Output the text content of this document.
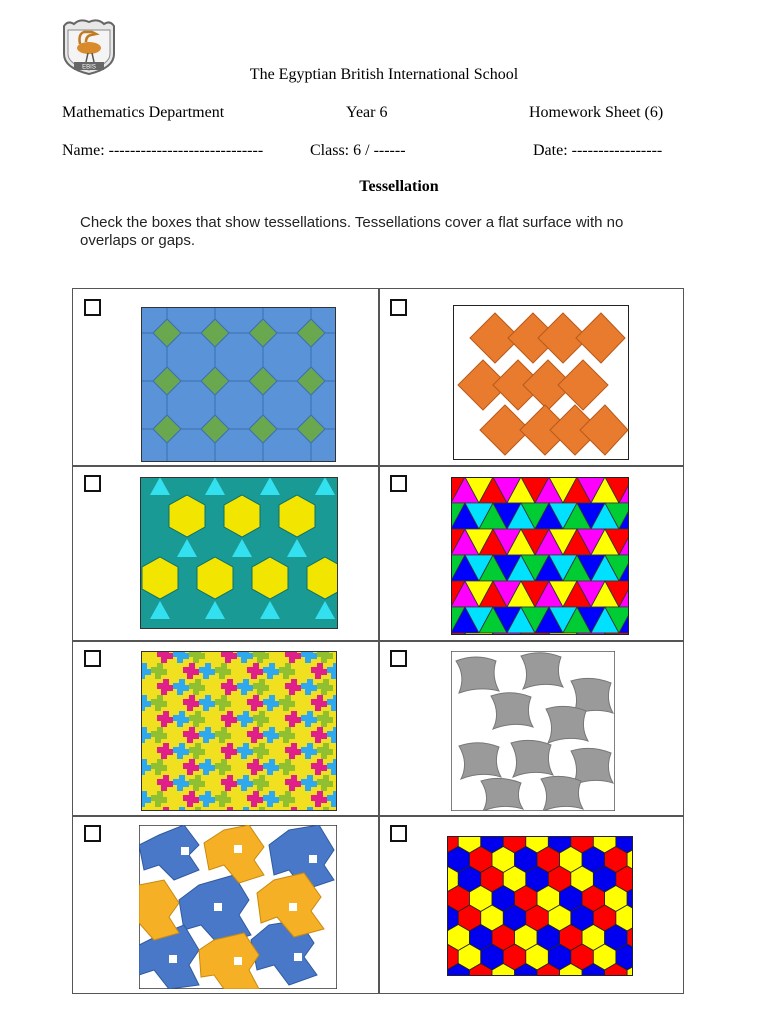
EBIS	The Egyptian British International School
Mathematics Department	Year 6	Homework Sheet (6)
Name: -----------------------------	Class: 6 / ------	Date: -----------------
Tessellation
Check the boxes that show tessellations. Tessellations cover a flat surface with no overlaps or gaps.
